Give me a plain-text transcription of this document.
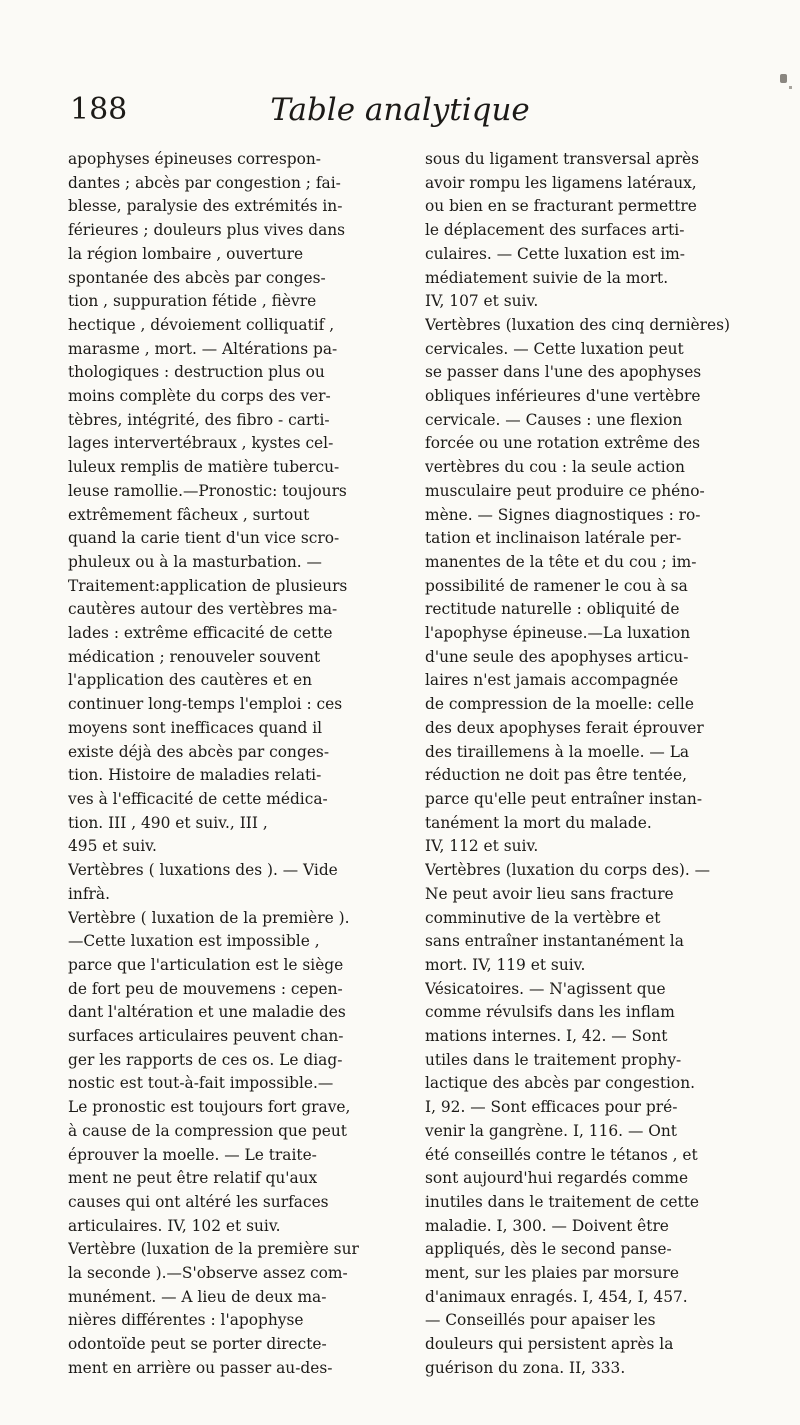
188	Table analytique
apophyses épineuses correspon-
dantes ; abcès par congestion ; fai-
blesse, paralysie des extrémités in-
férieures ; douleurs plus vives dans
la région lombaire , ouverture
spontanée des abcès par conges-
tion , suppuration fétide , fièvre
hectique , dévoiement colliquatif ,
marasme , mort. — Altérations pa-
thologiques : destruction plus ou
moins complète du corps des ver-
tèbres, intégrité, des fibro - carti-
lages intervertébraux , kystes cel-
luleux remplis de matière tubercu-
leuse ramollie.—Pronostic: toujours
extrêmement fâcheux , surtout
quand la carie tient d'un vice scro-
phuleux ou à la masturbation. —
Traitement:application de plusieurs
cautères autour des vertèbres ma-
lades : extrême efficacité de cette
médication ; renouveler souvent
l'application des cautères et en
continuer long-temps l'emploi : ces
moyens sont inefficaces quand il
existe déjà des abcès par conges-
tion. Histoire de maladies relati-
ves à l'efficacité de cette médica-
tion. III , 490 et suiv., III ,
495 et suiv.
Vertèbres ( luxations des ). — Vide
infrà.
Vertèbre ( luxation de la première ).
—Cette luxation est impossible ,
parce que l'articulation est le siège
de fort peu de mouvemens : cepen-
dant l'altération et une maladie des
surfaces articulaires peuvent chan-
ger les rapports de ces os. Le diag-
nostic est tout-à-fait impossible.—
Le pronostic est toujours fort grave,
à cause de la compression que peut
éprouver la moelle. — Le traite-
ment ne peut être relatif qu'aux
causes qui ont altéré les surfaces
articulaires. IV, 102 et suiv.
Vertèbre (luxation de la première sur
la seconde ).—S'observe assez com-
munément. — A lieu de deux ma-
nières différentes : l'apophyse
odontoïde peut se porter directe-
ment en arrière ou passer au-des-
sous du ligament transversal après
avoir rompu les ligamens latéraux,
ou bien en se fracturant permettre
le déplacement des surfaces arti-
culaires. — Cette luxation est im-
médiatement suivie de la mort.
IV, 107 et suiv.
Vertèbres (luxation des cinq dernières)
cervicales. — Cette luxation peut
se passer dans l'une des apophyses
obliques inférieures d'une vertèbre
cervicale. — Causes : une flexion
forcée ou une rotation extrême des
vertèbres du cou : la seule action
musculaire peut produire ce phéno-
mène. — Signes diagnostiques : ro-
tation et inclinaison latérale per-
manentes de la tête et du cou ; im-
possibilité de ramener le cou à sa
rectitude naturelle : obliquité de
l'apophyse épineuse.—La luxation
d'une seule des apophyses articu-
laires n'est jamais accompagnée
de compression de la moelle: celle
des deux apophyses ferait éprouver
des tiraillemens à la moelle. — La
réduction ne doit pas être tentée,
parce qu'elle peut entraîner instan-
tanément la mort du malade.
IV, 112 et suiv.
Vertèbres (luxation du corps des). —
Ne peut avoir lieu sans fracture
comminutive de la vertèbre et
sans entraîner instantanément la
mort. IV, 119 et suiv.
Vésicatoires. — N'agissent que
comme révulsifs dans les inflam
mations internes. I, 42. — Sont
utiles dans le traitement prophy-
lactique des abcès par congestion.
I, 92. — Sont efficaces pour pré-
venir la gangrène. I, 116. — Ont
été conseillés contre le tétanos , et
sont aujourd'hui regardés comme
inutiles dans le traitement de cette
maladie. I, 300. — Doivent être
appliqués, dès le second panse-
ment, sur les plaies par morsure
d'animaux enragés. I, 454, I, 457.
— Conseillés pour apaiser les
douleurs qui persistent après la
guérison du zona. II, 333.
